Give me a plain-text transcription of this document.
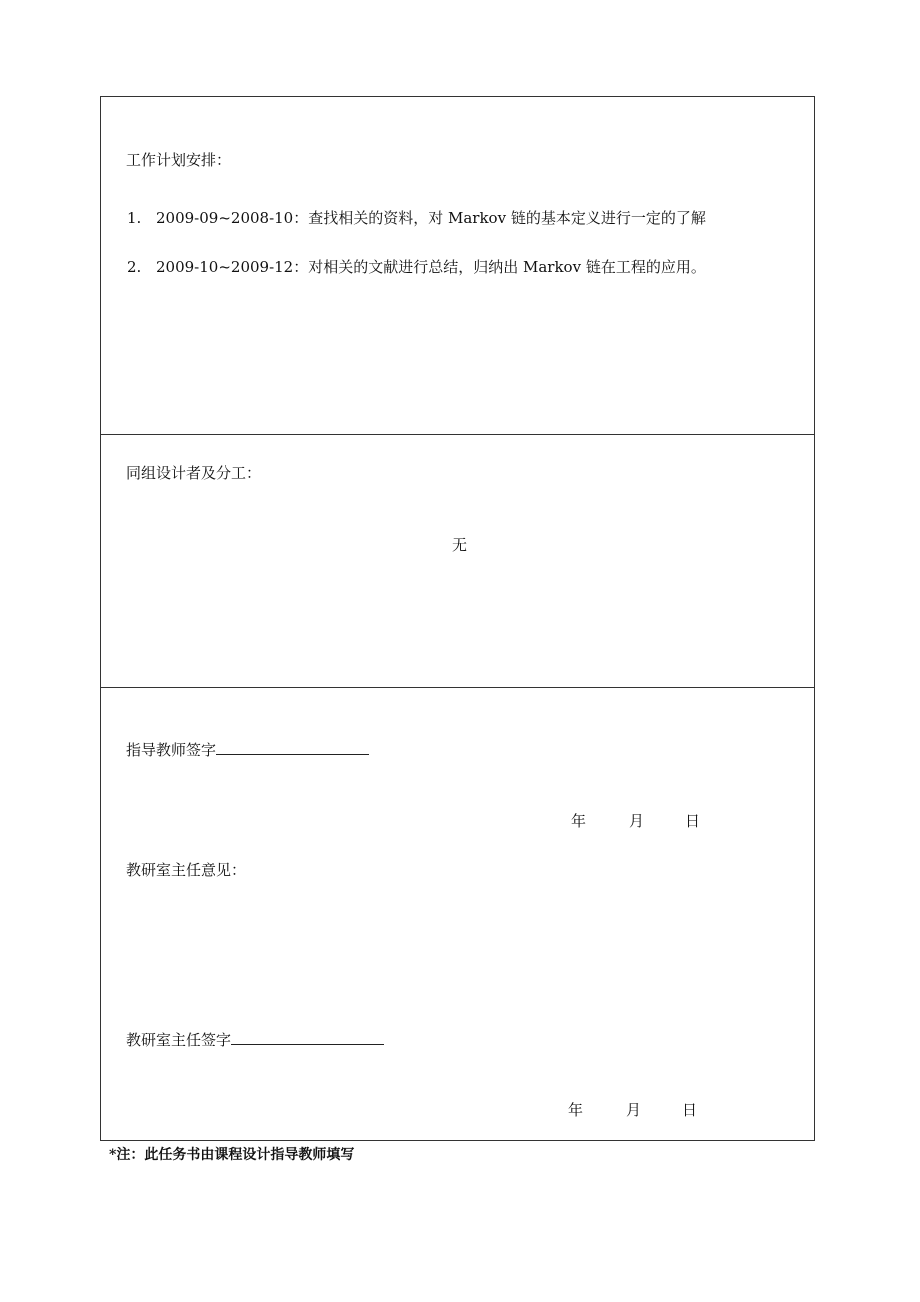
工作计划安排：
1. 2009-09~2008-10：查找相关的资料，对 Markov 链的基本定义进行一定的了解
2. 2009-10~2009-12：对相关的文献进行总结，归纳出 Markov 链在工程的应用。
同组设计者及分工：
无
指导教师签字
年	月	日
教研室主任意见：
教研室主任签字
年	月	日
*注：此任务书由课程设计指导教师填写
